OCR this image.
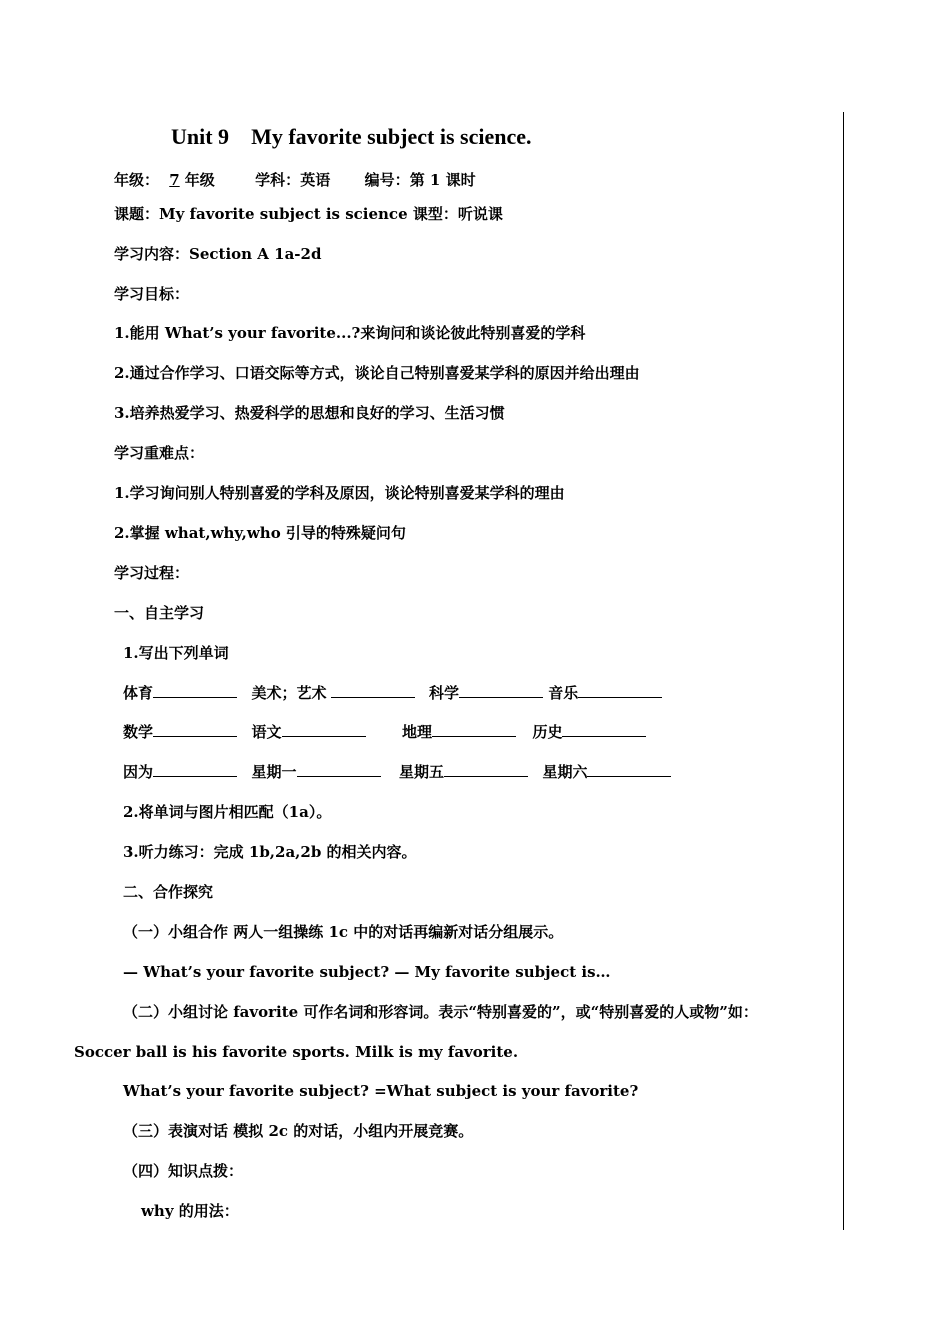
Unit 9 My favorite subject is science.
年级： 7 年级	学科：英语 编号：第 1 课时
课题：My favorite subject is science 课型：听说课
学习内容：Section A 1a-2d
学习目标：
1.能用 What’s your favorite...?来询问和谈论彼此特别喜爱的学科
2.通过合作学习、口语交际等方式，谈论自己特别喜爱某学科的原因并给出理由
3.培养热爱学习、热爱科学的思想和良好的学习、生活习惯
学习重难点：
1.学习询问别人特别喜爱的学科及原因，谈论特别喜爱某学科的理由
2.掌握 what,why,who 引导的特殊疑问句
学习过程：
一、自主学习
1.写出下列单词
体育	美术；艺术	科学	音乐
数学	语文	地理	历史
因为	星期一	星期五	星期六
2.将单词与图片相匹配（1a）。
3.听力练习：完成 1b,2a,2b 的相关内容。
二、合作探究
（一）小组合作 两人一组操练 1c 中的对话再编新对话分组展示。
— What’s your favorite subject? — My favorite subject is…
（二）小组讨论 favorite 可作名词和形容词。表示“特别喜爱的”，或“特别喜爱的人或物”如：
Soccer ball is his favorite sports. Milk is my favorite.
What’s your favorite subject? =What subject is your favorite?
（三）表演对话 模拟 2c 的对话，小组内开展竞赛。
（四）知识点拨：
why 的用法：
